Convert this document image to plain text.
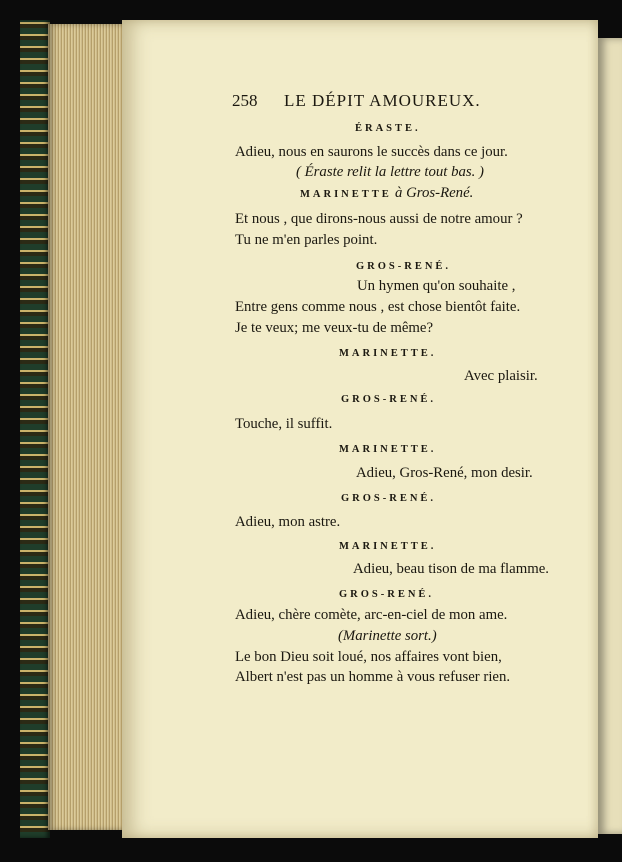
258 LE DÉPIT AMOUREUX.

ÉRASTE.

Adieu, nous en saurons le succès dans ce jour.

( Éraste relit la lettre tout bas. )

MARINETTE à Gros-René.

Et nous , que dirons-nous aussi de notre amour ?

Tu ne m'en parles point.

GROS-RENÉ.

Un hymen qu'on souhaite ,

Entre gens comme nous , est chose bientôt faite.

Je te veux; me veux-tu de même?

MARINETTE.

Avec plaisir.

GROS-RENÉ.

Touche, il suffit.

MARINETTE.

Adieu, Gros-René, mon desir.

GROS-RENÉ.

Adieu, mon astre.

MARINETTE.

Adieu, beau tison de ma flamme.

GROS-RENÉ.

Adieu, chère comète, arc-en-ciel de mon ame.

(Marinette sort.)

Le bon Dieu soit loué, nos affaires vont bien,

Albert n'est pas un homme à vous refuser rien.
